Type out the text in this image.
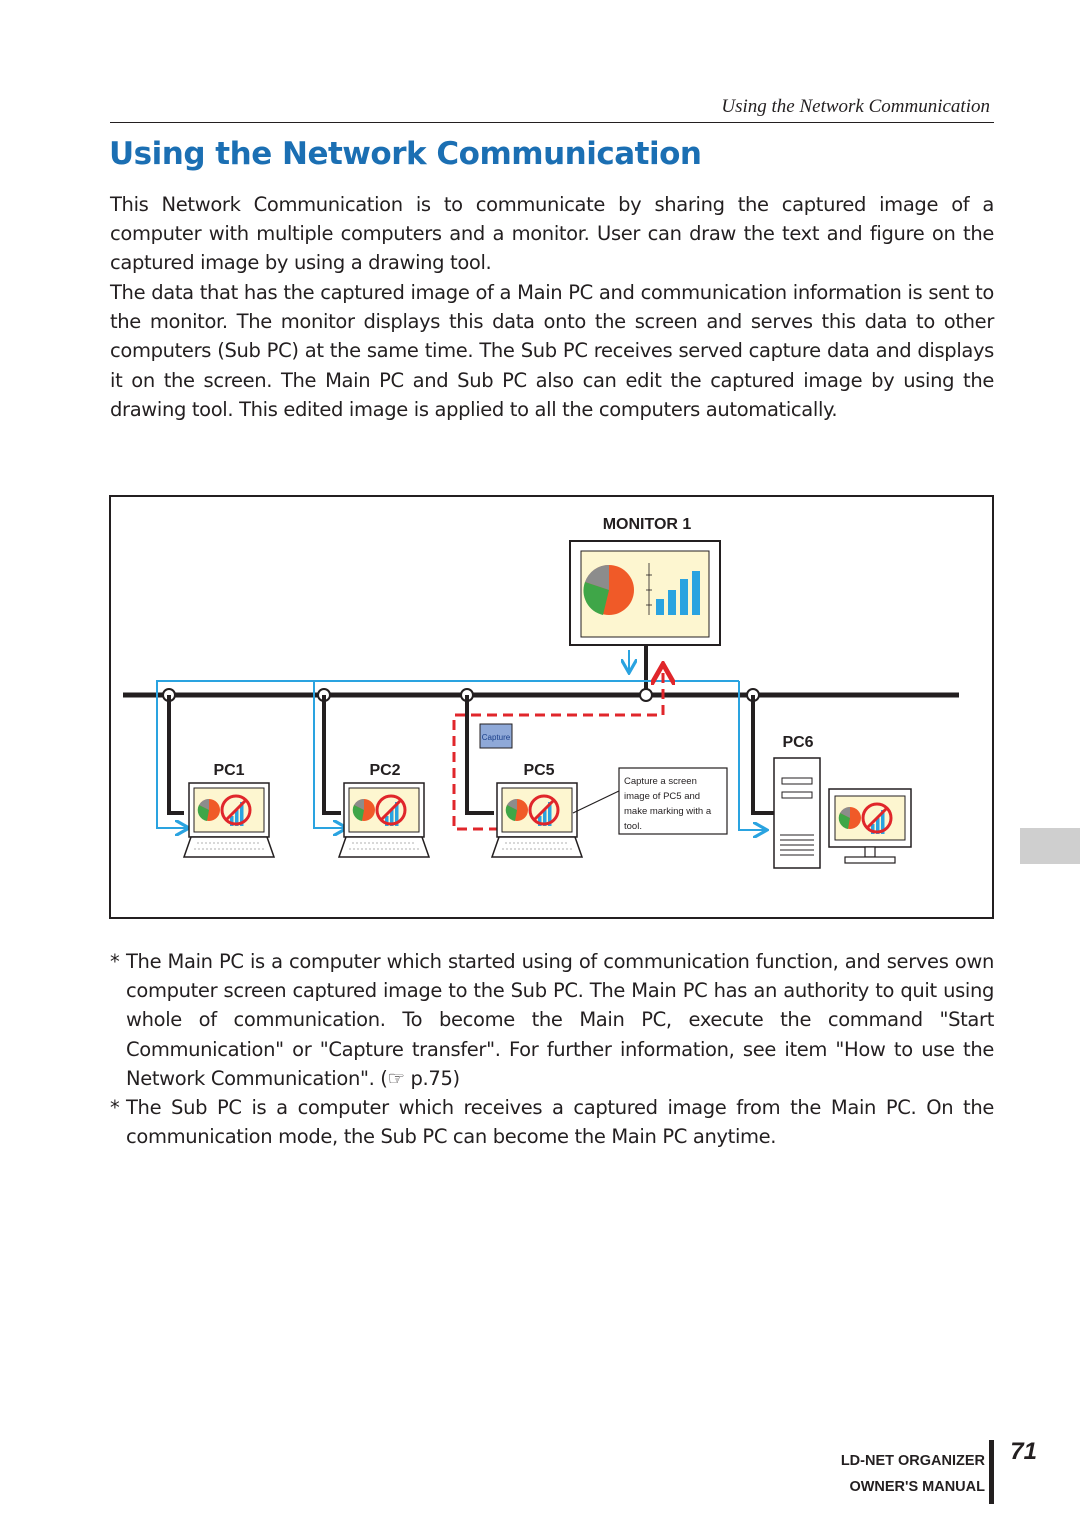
Using the Network Communication
Using the Network Communication

This Network Communication is to communicate by sharing the captured image of a computer with multiple computers and a monitor. User can draw the text and figure on the captured image by using a drawing tool.

The data that has the captured image of a Main PC and communication information is sent to the monitor. The monitor displays this data onto the screen and serves this data to other computers (Sub PC) at the same time. The Sub PC receives served capture data and displays it on the screen. The Main PC and Sub PC also can edit the captured image by using the drawing tool. This edited image is applied to all the computers automatically.

MONITOR 1
Capture
PC1	PC2	PC5
PC6
Capture a screen
image of PC5 and
make marking with a
tool.
* The Main PC is a computer which started using of communication function, and serves own computer screen captured image to the Sub PC. The Main PC has an authority to quit using whole of communication. To become the Main PC, execute the command "Start Communication" or "Capture transfer". For further information, see item "How to use the Network Communication". (☞ p.75)
* The Sub PC is a computer which receives a captured image from the Main PC. On the communication mode, the Sub PC can become the Main PC anytime.
LD-NET ORGANIZER
OWNER'S MANUAL
71
